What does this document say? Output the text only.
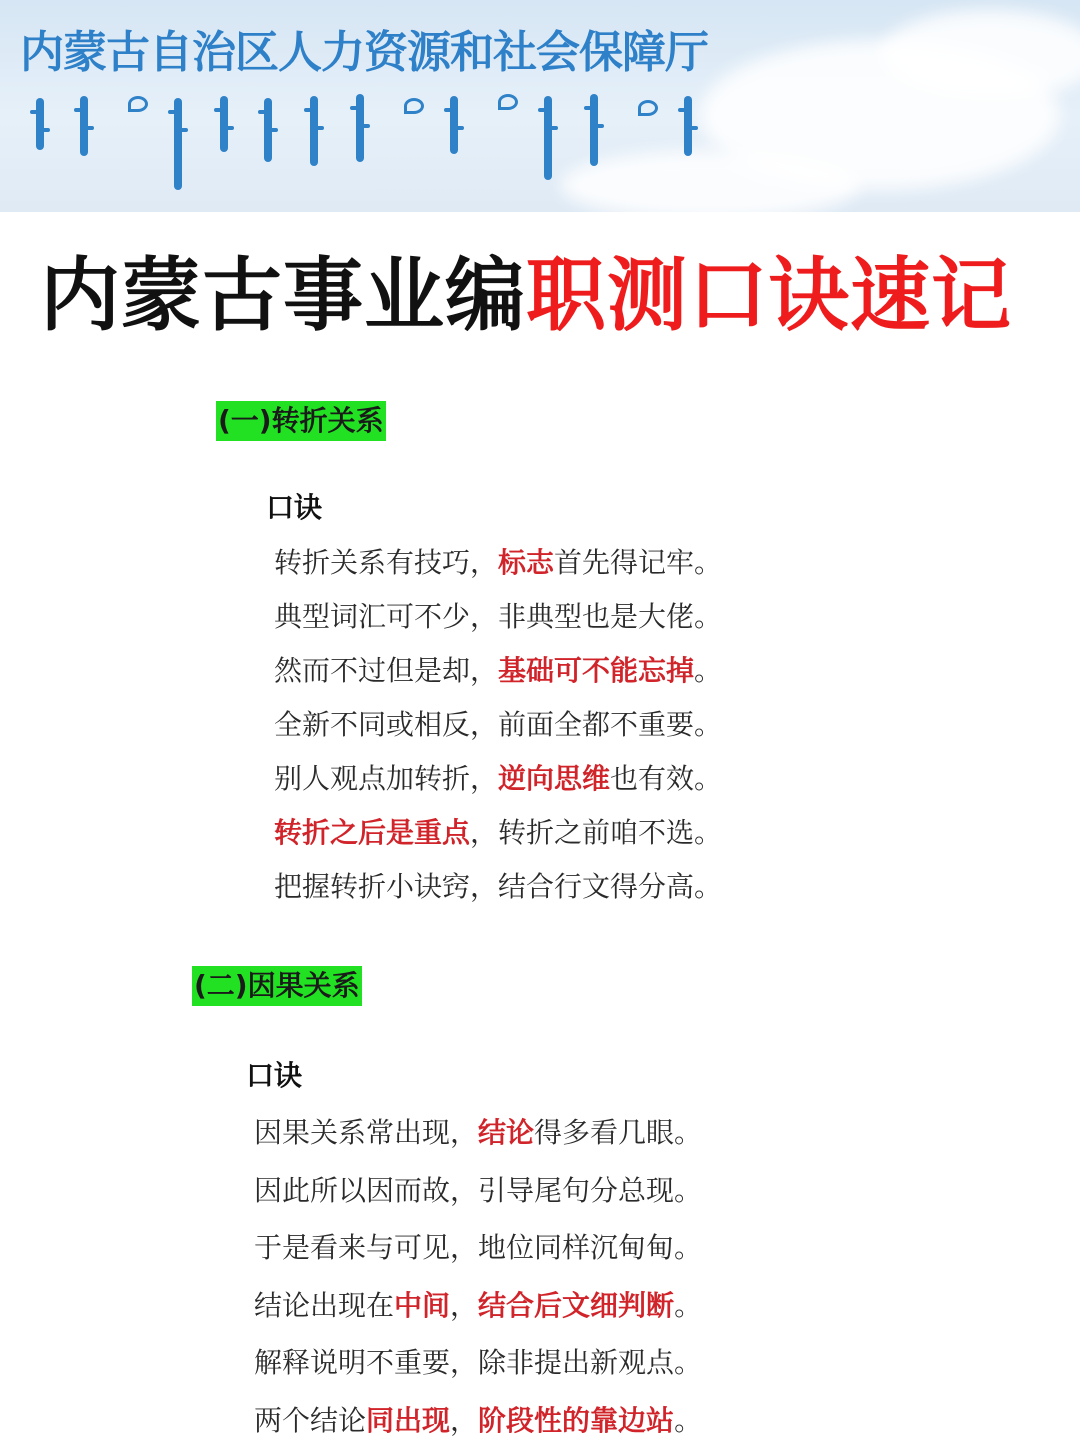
内蒙古自治区人力资源和社会保障厅
内蒙古事业编职测口诀速记
(一)转折关系
口诀
转折关系有技巧，标志首先得记牢。
典型词汇可不少，非典型也是大佬。
然而不过但是却，基础可不能忘掉。
全新不同或相反，前面全都不重要。
别人观点加转折，逆向思维也有效。
转折之后是重点，转折之前咱不选。
把握转折小诀窍，结合行文得分高。
(二)因果关系
口诀
因果关系常出现，结论得多看几眼。
因此所以因而故，引导尾句分总现。
于是看来与可见，地位同样沉甸甸。
结论出现在中间，结合后文细判断。
解释说明不重要，除非提出新观点。
两个结论同出现，阶段性的靠边站。
